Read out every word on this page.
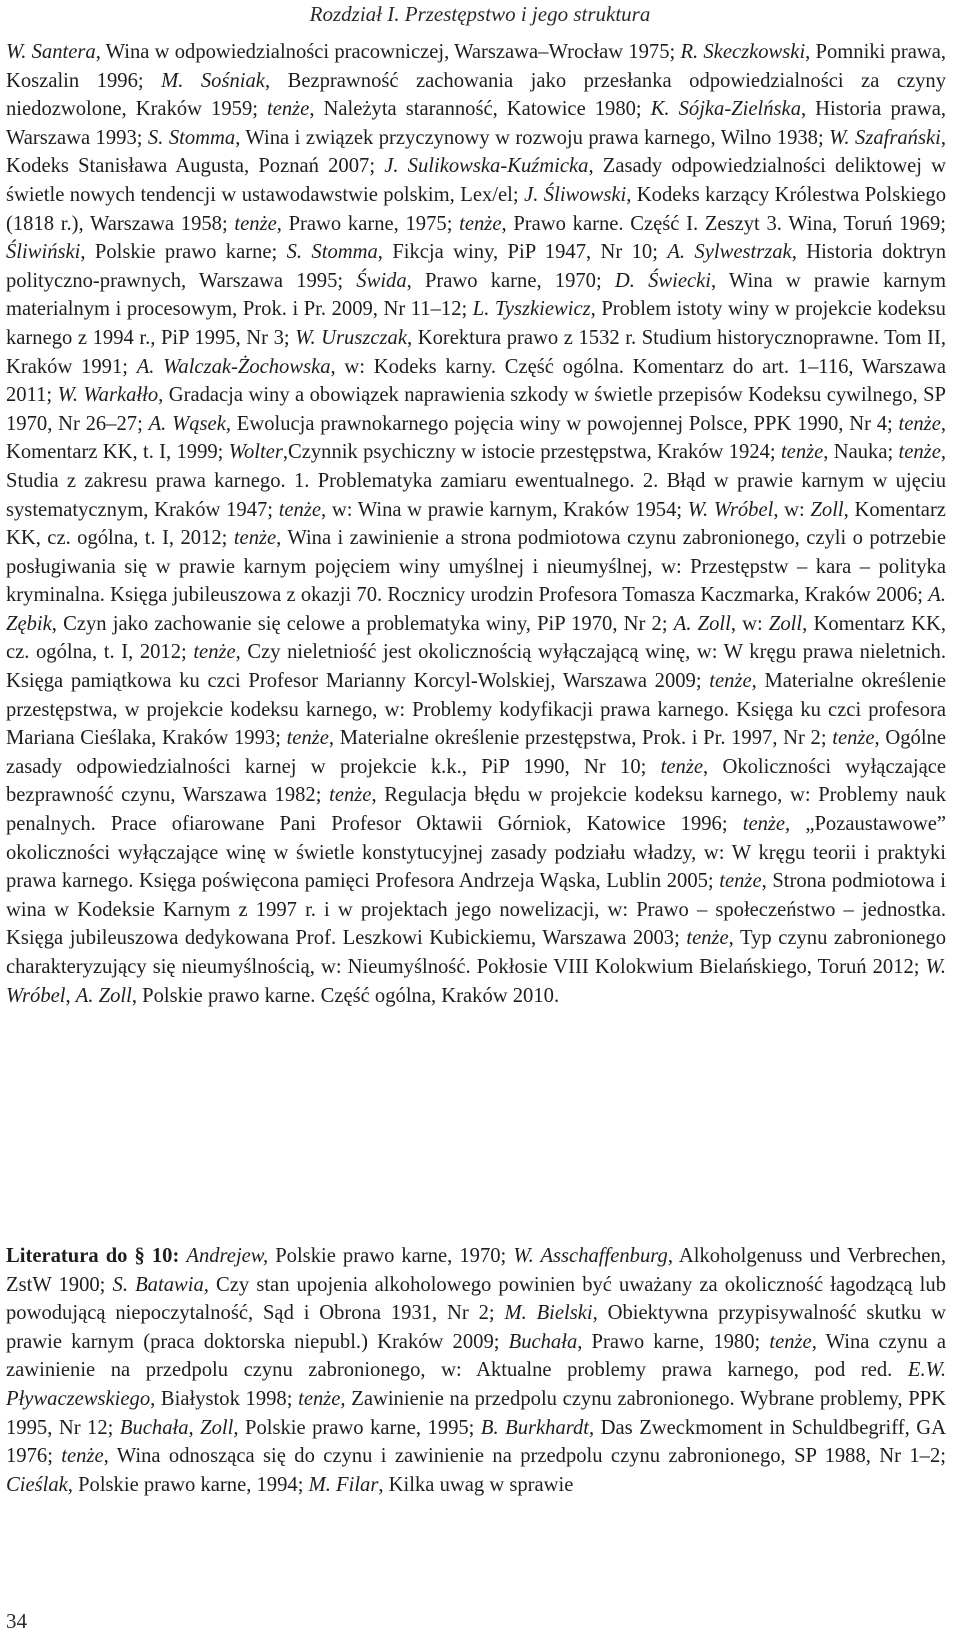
Rozdział I. Przestępstwo i jego struktura

W. Santera, Wina w odpowiedzialności pracowniczej, Warszawa–Wrocław 1975; R. Skeczkowski, Pomniki prawa, Koszalin 1996; M. Sośniak, Bezprawność zachowania jako przesłanka odpowiedzialności za czyny niedozwolone, Kraków 1959; tenże, Należyta staranność, Katowice 1980; K. Sójka-Zielńska, Historia prawa, Warszawa 1993; S. Stomma, Wina i związek przyczynowy w rozwoju prawa karnego, Wilno 1938; W. Szafrański, Kodeks Stanisława Augusta, Poznań 2007; J. Sulikowska-Kuźmicka, Zasady odpowiedzialności deliktowej w świetle nowych tendencji w ustawodawstwie polskim, Lex/el; J. Śliwowski, Kodeks karzący Królestwa Polskiego (1818 r.), Warszawa 1958; tenże, Prawo karne, 1975; tenże, Prawo karne. Część I. Zeszyt 3. Wina, Toruń 1969; Śliwiński, Polskie prawo karne; S. Stomma, Fikcja winy, PiP 1947, Nr 10; A. Sylwestrzak, Historia doktryn polityczno-prawnych, Warszawa 1995; Świda, Prawo karne, 1970; D. Świecki, Wina w prawie karnym materialnym i procesowym, Prok. i Pr. 2009, Nr 11–12; L. Tyszkiewicz, Problem istoty winy w projekcie kodeksu karnego z 1994 r., PiP 1995, Nr 3; W. Uruszczak, Korektura prawo z 1532 r. Studium historycznoprawne. Tom II, Kraków 1991; A. Walczak-Żochowska, w: Kodeks karny. Część ogólna. Komentarz do art. 1–116, Warszawa 2011; W. Warkałło, Gradacja winy a obowiązek naprawienia szkody w świetle przepisów Kodeksu cywilnego, SP 1970, Nr 26–27; A. Wąsek, Ewolucja prawnokarnego pojęcia winy w powojennej Polsce, PPK 1990, Nr 4; tenże, Komentarz KK, t. I, 1999; Wolter,Czynnik psychiczny w istocie przestępstwa, Kraków 1924; tenże, Nauka; tenże, Studia z zakresu prawa karnego. 1. Problematyka zamiaru ewentualnego. 2. Błąd w prawie karnym w ujęciu systematycznym, Kraków 1947; tenże, w: Wina w prawie karnym, Kraków 1954; W. Wróbel, w: Zoll, Komentarz KK, cz. ogólna, t. I, 2012; tenże, Wina i zawinienie a strona podmiotowa czynu zabronionego, czyli o potrzebie posługiwania się w prawie karnym pojęciem winy umyślnej i nieumyślnej, w: Przestępstw – kara – polityka kryminalna. Księga jubileuszowa z okazji 70. Rocznicy urodzin Profesora Tomasza Kaczmarka, Kraków 2006; A. Zębik, Czyn jako zachowanie się celowe a problematyka winy, PiP 1970, Nr 2; A. Zoll, w: Zoll, Komentarz KK, cz. ogólna, t. I, 2012; tenże, Czy nieletniość jest okolicznością wyłączającą winę, w: W kręgu prawa nieletnich. Księga pamiątkowa ku czci Profesor Marianny Korcyl-Wolskiej, Warszawa 2009; tenże, Materialne określenie przestępstwa, w projekcie kodeksu karnego, w: Problemy kodyfikacji prawa karnego. Księga ku czci profesora Mariana Cieślaka, Kraków 1993; tenże, Materialne określenie przestępstwa, Prok. i Pr. 1997, Nr 2; tenże, Ogólne zasady odpowiedzialności karnej w projekcie k.k., PiP 1990, Nr 10; tenże, Okoliczności wyłączające bezprawność czynu, Warszawa 1982; tenże, Regulacja błędu w projekcie kodeksu karnego, w: Problemy nauk penalnych. Prace ofiarowane Pani Profesor Oktawii Górniok, Katowice 1996; tenże, „Pozaustawowe” okoliczności wyłączające winę w świetle konstytucyjnej zasady podziału władzy, w: W kręgu teorii i praktyki prawa karnego. Księga poświęcona pamięci Profesora Andrzeja Wąska, Lublin 2005; tenże, Strona podmiotowa i wina w Kodeksie Karnym z 1997 r. i w projektach jego nowelizacji, w: Prawo – społeczeństwo – jednostka. Księga jubileuszowa dedykowana Prof. Leszkowi Kubickiemu, Warszawa 2003; tenże, Typ czynu zabronionego charakteryzujący się nieumyślnością, w: Nieumyślność. Pokłosie VIII Kolokwium Bielańskiego, Toruń 2012; W. Wróbel, A. Zoll, Polskie prawo karne. Część ogólna, Kraków 2010.

Literatura do § 10: Andrejew, Polskie prawo karne, 1970; W. Asschaffenburg, Alkoholgenuss und Verbrechen, ZstW 1900; S. Batawia, Czy stan upojenia alkoholowego powinien być uważany za okoliczność łagodzącą lub powodującą niepoczytalność, Sąd i Obrona 1931, Nr 2; M. Bielski, Obiektywna przypisywalność skutku w prawie karnym (praca doktorska niepubl.) Kraków 2009; Buchała, Prawo karne, 1980; tenże, Wina czynu a zawinienie na przedpolu czynu zabronionego, w: Aktualne problemy prawa karnego, pod red. E.W. Pływaczewskiego, Białystok 1998; tenże, Zawinienie na przedpolu czynu zabronionego. Wybrane problemy, PPK 1995, Nr 12; Buchała, Zoll, Polskie prawo karne, 1995; B. Burkhardt, Das Zweckmoment in Schuldbegriff, GA 1976; tenże, Wina odnosząca się do czynu i zawinienie na przedpolu czynu zabronionego, SP 1988, Nr 1–2; Cieślak, Polskie prawo karne, 1994; M. Filar, Kilka uwag w sprawie

34
